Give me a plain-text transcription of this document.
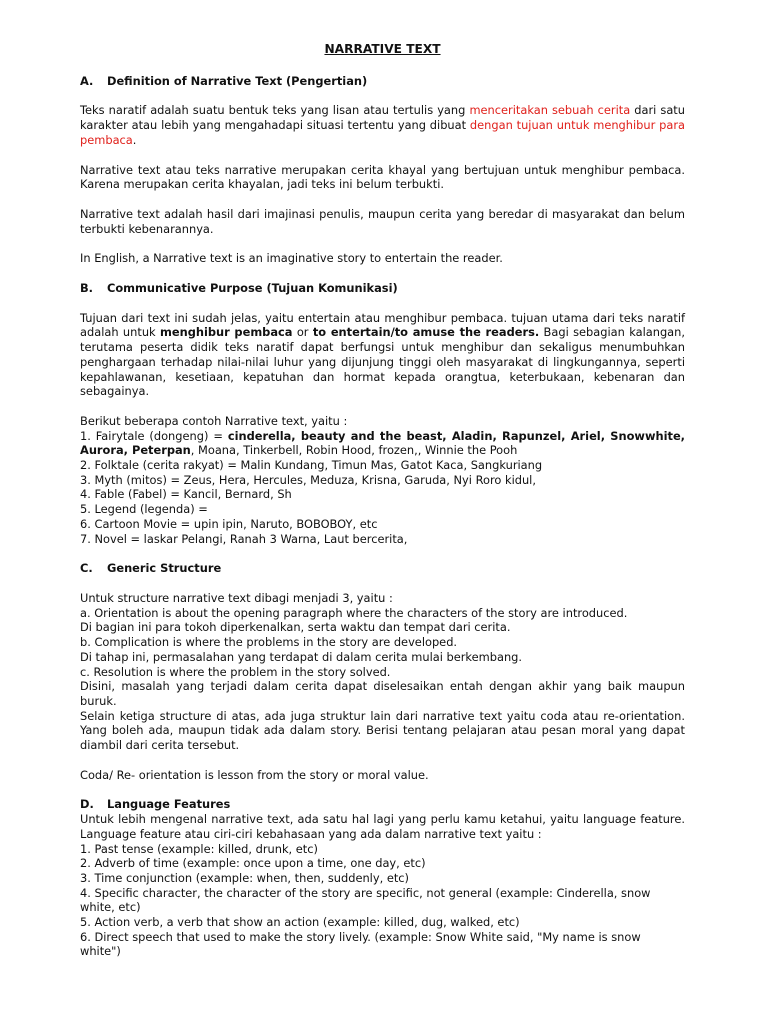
NARRATIVE TEXT

A.	Definition of Narrative Text (Pengertian)

Teks naratif adalah suatu bentuk teks yang lisan atau tertulis yang menceritakan sebuah cerita dari satu karakter atau lebih yang mengahadapi situasi tertentu yang dibuat dengan tujuan untuk menghibur para pembaca.

Narrative text atau teks narrative merupakan cerita khayal yang bertujuan untuk menghibur pembaca. Karena merupakan cerita khayalan, jadi teks ini belum terbukti.

Narrative text adalah hasil dari imajinasi penulis, maupun cerita yang beredar di masyarakat dan belum terbukti kebenarannya.

In English, a Narrative text is an imaginative story to entertain the reader.

B.	Communicative Purpose (Tujuan Komunikasi)

Tujuan dari text ini sudah jelas, yaitu entertain atau menghibur pembaca. tujuan utama dari teks naratif adalah untuk menghibur pembaca or to entertain/to amuse the readers. Bagi sebagian kalangan, terutama peserta didik teks naratif dapat berfungsi untuk menghibur dan sekaligus menumbuhkan penghargaan terhadap nilai-nilai luhur yang dijunjung tinggi oleh masyarakat di lingkungannya, seperti kepahlawanan, kesetiaan, kepatuhan dan hormat kepada orangtua, keterbukaan, kebenaran dan sebagainya.

Berikut beberapa contoh Narrative text, yaitu :

1. Fairytale (dongeng) = cinderella, beauty and the beast, Aladin, Rapunzel, Ariel, Snowwhite, Aurora, Peterpan, Moana, Tinkerbell, Robin Hood, frozen,, Winnie the Pooh

2. Folktale (cerita rakyat) = Malin Kundang, Timun Mas, Gatot Kaca, Sangkuriang

3. Myth (mitos) = Zeus, Hera, Hercules, Meduza, Krisna, Garuda, Nyi Roro kidul,

4. Fable (Fabel) = Kancil, Bernard, Sh

5. Legend (legenda) =

6. Cartoon Movie = upin ipin, Naruto, BOBOBOY, etc

7. Novel = laskar Pelangi, Ranah 3 Warna, Laut bercerita,

C.	Generic Structure

Untuk structure narrative text dibagi menjadi 3, yaitu :

a. Orientation is about the opening paragraph where the characters of the story are introduced.

Di bagian ini para tokoh diperkenalkan, serta waktu dan tempat dari cerita.

b. Complication is where the problems in the story are developed.

Di tahap ini, permasalahan yang terdapat di dalam cerita mulai berkembang.

c. Resolution is where the problem in the story solved.

Disini, masalah yang terjadi dalam cerita dapat diselesaikan entah dengan akhir yang baik maupun buruk.

Selain ketiga structure di atas, ada juga struktur lain dari narrative text yaitu coda atau re-orientation. Yang boleh ada, maupun tidak ada dalam story. Berisi tentang pelajaran atau pesan moral yang dapat diambil dari cerita tersebut.

Coda/ Re- orientation is lesson from the story or moral value.

D.	Language Features

Untuk lebih mengenal narrative text, ada satu hal lagi yang perlu kamu ketahui, yaitu language feature. Language feature atau ciri-ciri kebahasaan yang ada dalam narrative text yaitu :

1. Past tense (example: killed, drunk, etc)

2. Adverb of time (example: once upon a time, one day, etc)

3. Time conjunction (example: when, then, suddenly, etc)

4. Specific character, the character of the story are specific, not general (example: Cinderella, snow white, etc)

5. Action verb, a verb that show an action (example: killed, dug, walked, etc)

6. Direct speech that used to make the story lively. (example: Snow White said, "My name is snow white")
